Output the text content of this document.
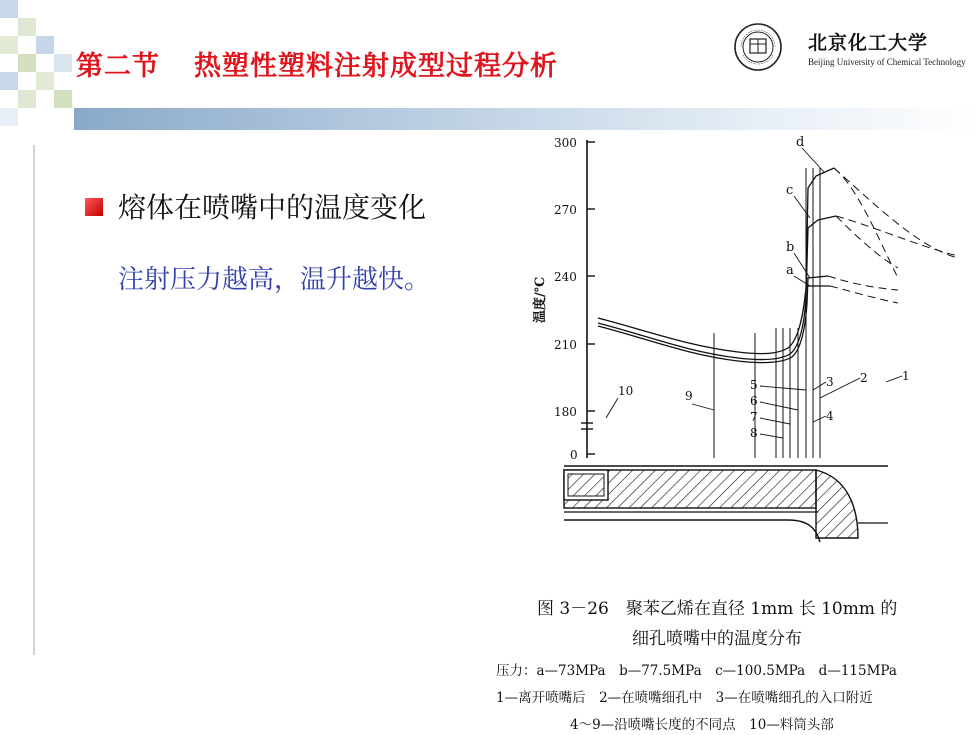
第二节 热塑性塑料注射成型过程分析
北京化工大学
Beijing University of Chemical Technology
熔体在喷嘴中的温度变化
注射压力越高，温升越快。
300
270
240
210
180
0
温度/℃
d
c
b
a
10	9
5
6
7
8
3 2	1
4
图 3－26　聚苯乙烯在直径 1mm 长 10mm 的
细孔喷嘴中的温度分布
压力：a—73MPa　b—77.5MPa　c—100.5MPa　d—115MPa
1—离开喷嘴后　2—在喷嘴细孔中　3—在喷嘴细孔的入口附近
4～9—沿喷嘴长度的不同点　10—料筒头部
